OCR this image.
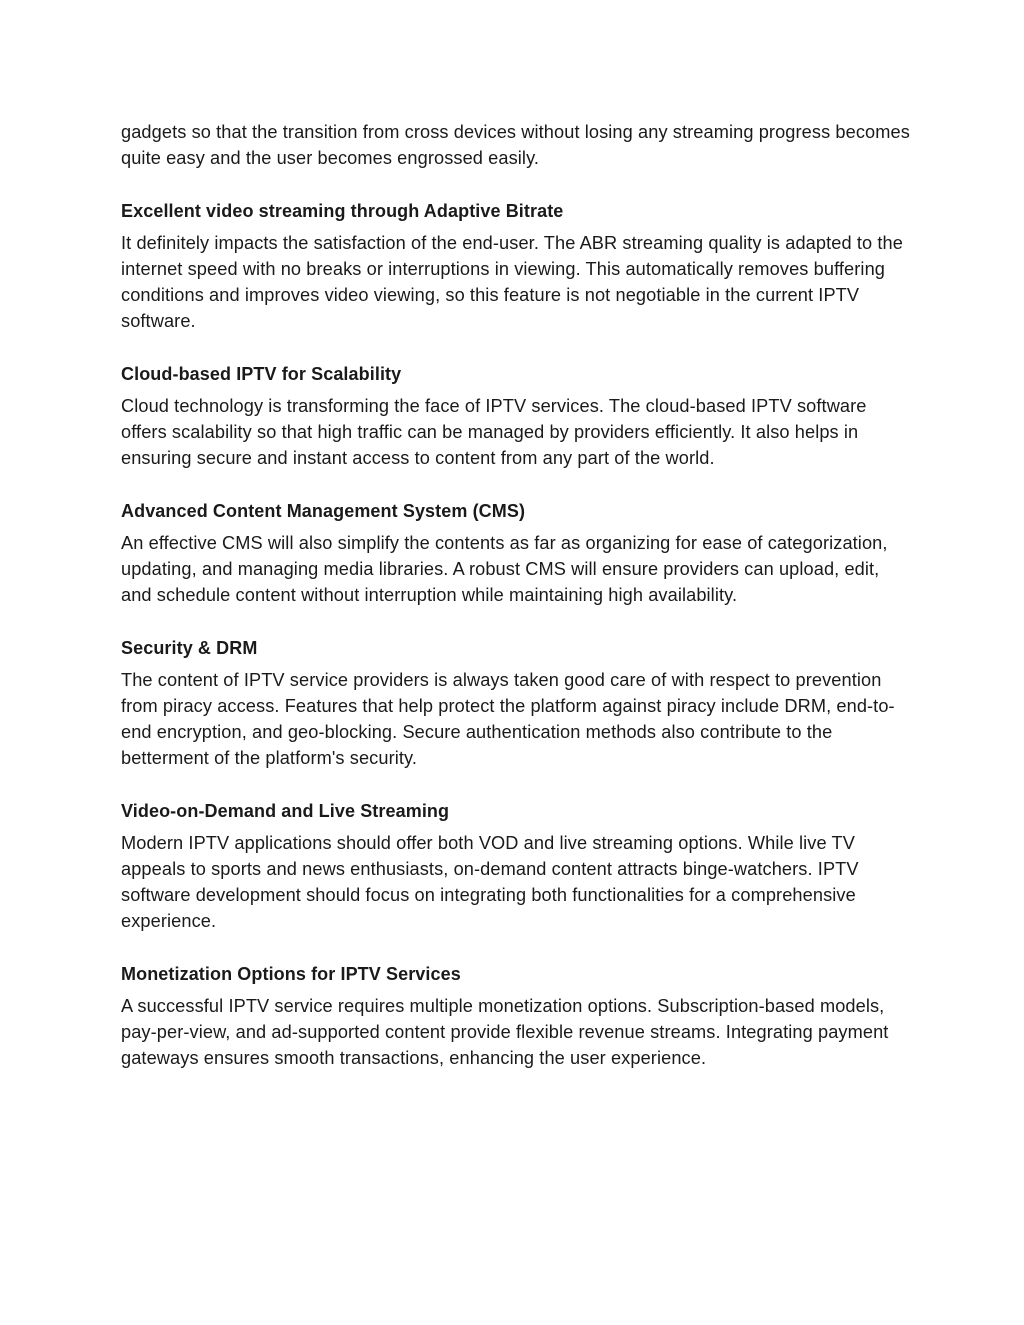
gadgets so that the transition from cross devices without losing any streaming progress becomes quite easy and the user becomes engrossed easily.

Excellent video streaming through Adaptive Bitrate

It definitely impacts the satisfaction of the end-user. The ABR streaming quality is adapted to the internet speed with no breaks or interruptions in viewing. This automatically removes buffering conditions and improves video viewing, so this feature is not negotiable in the current IPTV software.

Cloud-based IPTV for Scalability

Cloud technology is transforming the face of IPTV services. The cloud-based IPTV software offers scalability so that high traffic can be managed by providers efficiently. It also helps in ensuring secure and instant access to content from any part of the world.

Advanced Content Management System (CMS)

An effective CMS will also simplify the contents as far as organizing for ease of categorization, updating, and managing media libraries. A robust CMS will ensure providers can upload, edit, and schedule content without interruption while maintaining high availability.

Security & DRM

The content of IPTV service providers is always taken good care of with respect to prevention from piracy access. Features that help protect the platform against piracy include DRM, end-to-end encryption, and geo-blocking. Secure authentication methods also contribute to the betterment of the platform's security.

Video-on-Demand and Live Streaming

Modern IPTV applications should offer both VOD and live streaming options. While live TV appeals to sports and news enthusiasts, on-demand content attracts binge-watchers. IPTV software development should focus on integrating both functionalities for a comprehensive experience.

Monetization Options for IPTV Services

A successful IPTV service requires multiple monetization options. Subscription-based models, pay-per-view, and ad-supported content provide flexible revenue streams. Integrating payment gateways ensures smooth transactions, enhancing the user experience.
